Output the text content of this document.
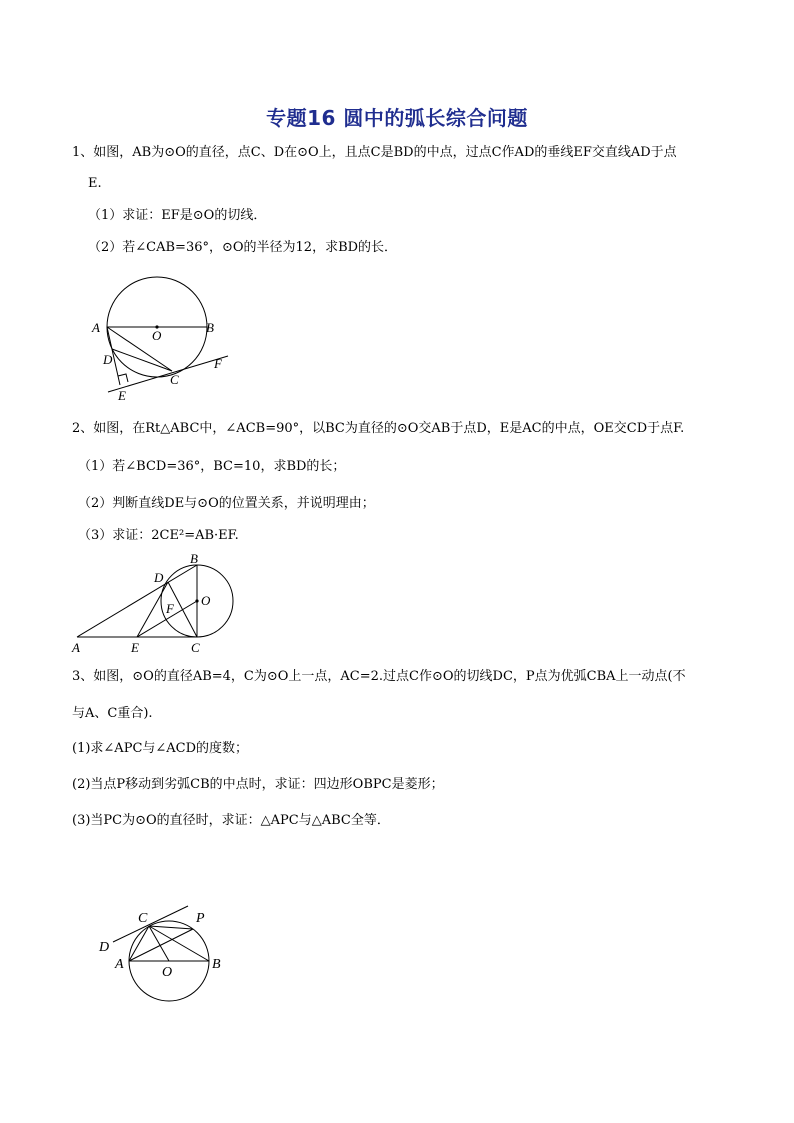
专题16 圆中的弧长综合问题
1、如图，AB为⊙O的直径，点C、D在⊙O上，且点C是BD的中点，过点C作AD的垂线EF交直线AD于点
E.
（1）求证：EF是⊙O的切线．
（2）若∠CAB=36°，⊙O的半径为12，求BD的长．
A	B
O
D
C
E
F
2、如图，在Rt△ABC中，∠ACB=90°，以BC为直径的⊙O交AB于点D，E是AC的中点，OE交CD于点F.
（1）若∠BCD=36°，BC=10，求BD的长；
（2）判断直线DE与⊙O的位置关系，并说明理由；
（3）求证：2CE²=AB·EF.
A
B
C
D
E
F
O
3、如图，⊙O的直径AB=4，C为⊙O上一点，AC=2.过点C作⊙O的切线DC，P点为优弧CBA上一动点(不
与A、C重合).
(1)求∠APC与∠ACD的度数；
(2)当点P移动到劣弧CB的中点时，求证：四边形OBPC是菱形；
(3)当PC为⊙O的直径时，求证：△APC与△ABC全等．
C	P
D
A
O
B
